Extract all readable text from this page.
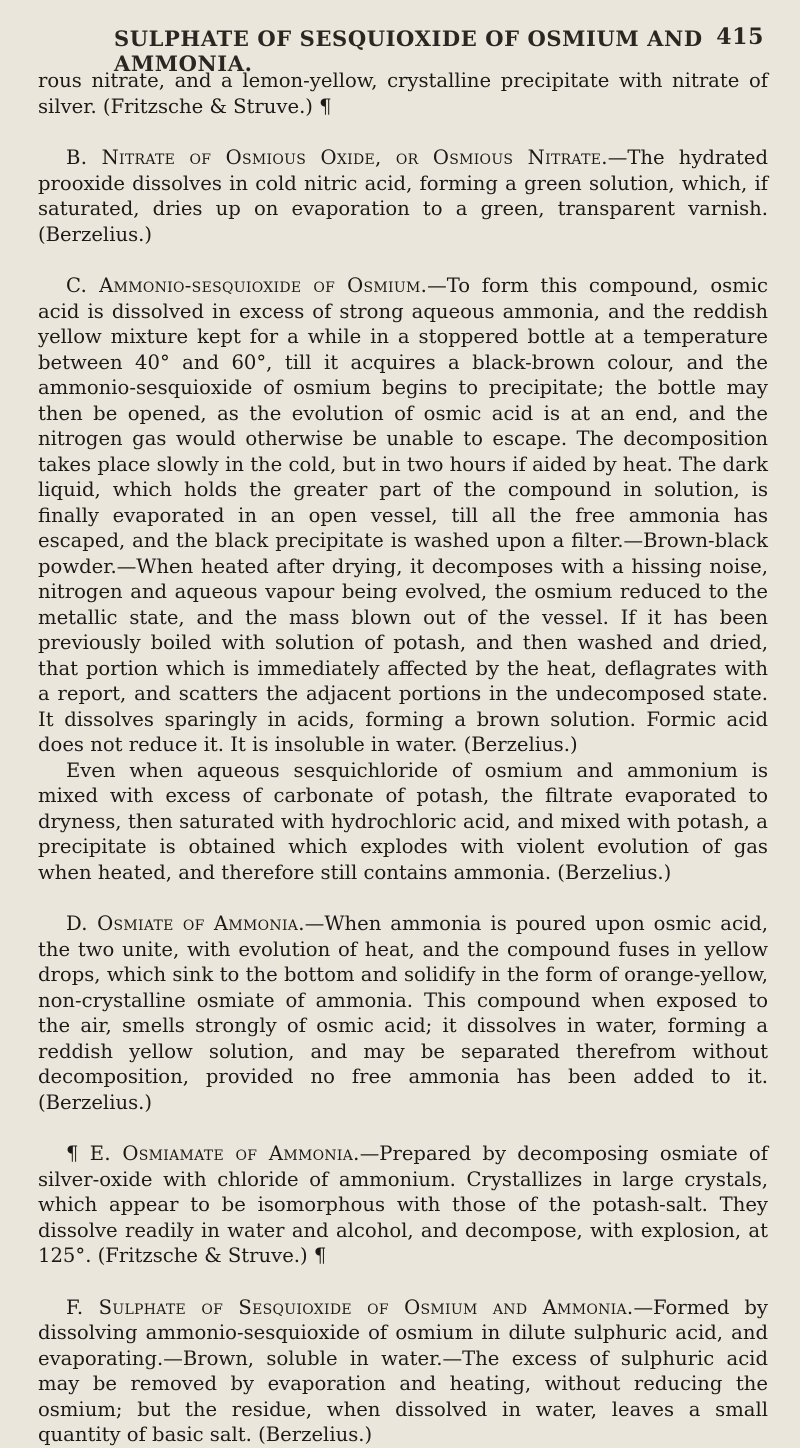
SULPHATE OF SESQUIOXIDE OF OSMIUM AND AMMONIA.
415

rous nitrate, and a lemon-yellow, crystalline precipitate with nitrate of silver. (Fritzsche & Struve.) ¶

B. Nitrate of Osmious Oxide, or Osmious Nitrate.—The hydrated prooxide dissolves in cold nitric acid, forming a green solution, which, if saturated, dries up on evaporation to a green, transparent varnish. (Berzelius.)

C. Ammonio-sesquioxide of Osmium.—To form this compound, osmic acid is dissolved in excess of strong aqueous ammonia, and the reddish yellow mixture kept for a while in a stoppered bottle at a temperature between 40° and 60°, till it acquires a black-brown colour, and the ammonio-sesquioxide of osmium begins to precipitate; the bottle may then be opened, as the evolution of osmic acid is at an end, and the nitrogen gas would otherwise be unable to escape. The decomposition takes place slowly in the cold, but in two hours if aided by heat. The dark liquid, which holds the greater part of the compound in solution, is finally evaporated in an open vessel, till all the free ammonia has escaped, and the black precipitate is washed upon a filter.—Brown-black powder.—When heated after drying, it decomposes with a hissing noise, nitrogen and aqueous vapour being evolved, the osmium reduced to the metallic state, and the mass blown out of the vessel. If it has been previously boiled with solution of potash, and then washed and dried, that portion which is immediately affected by the heat, deflagrates with a report, and scatters the adjacent portions in the undecomposed state. It dissolves sparingly in acids, forming a brown solution. Formic acid does not reduce it. It is insoluble in water. (Berzelius.)

Even when aqueous sesquichloride of osmium and ammonium is mixed with excess of carbonate of potash, the filtrate evaporated to dryness, then saturated with hydrochloric acid, and mixed with potash, a precipitate is obtained which explodes with violent evolution of gas when heated, and therefore still contains ammonia. (Berzelius.)

D. Osmiate of Ammonia.—When ammonia is poured upon osmic acid, the two unite, with evolution of heat, and the compound fuses in yellow drops, which sink to the bottom and solidify in the form of orange-yellow, non-crystalline osmiate of ammonia. This compound when exposed to the air, smells strongly of osmic acid; it dissolves in water, forming a reddish yellow solution, and may be separated therefrom without decomposition, provided no free ammonia has been added to it. (Berzelius.)

¶ E. Osmiamate of Ammonia.—Prepared by decomposing osmiate of silver-oxide with chloride of ammonium. Crystallizes in large crystals, which appear to be isomorphous with those of the potash-salt. They dissolve readily in water and alcohol, and decompose, with explosion, at 125°. (Fritzsche & Struve.) ¶

F. Sulphate of Sesquioxide of Osmium and Ammonia.—Formed by dissolving ammonio-sesquioxide of osmium in dilute sulphuric acid, and evaporating.—Brown, soluble in water.—The excess of sulphuric acid may be removed by evaporation and heating, without reducing the osmium; but the residue, when dissolved in water, leaves a small quantity of basic salt. (Berzelius.)
